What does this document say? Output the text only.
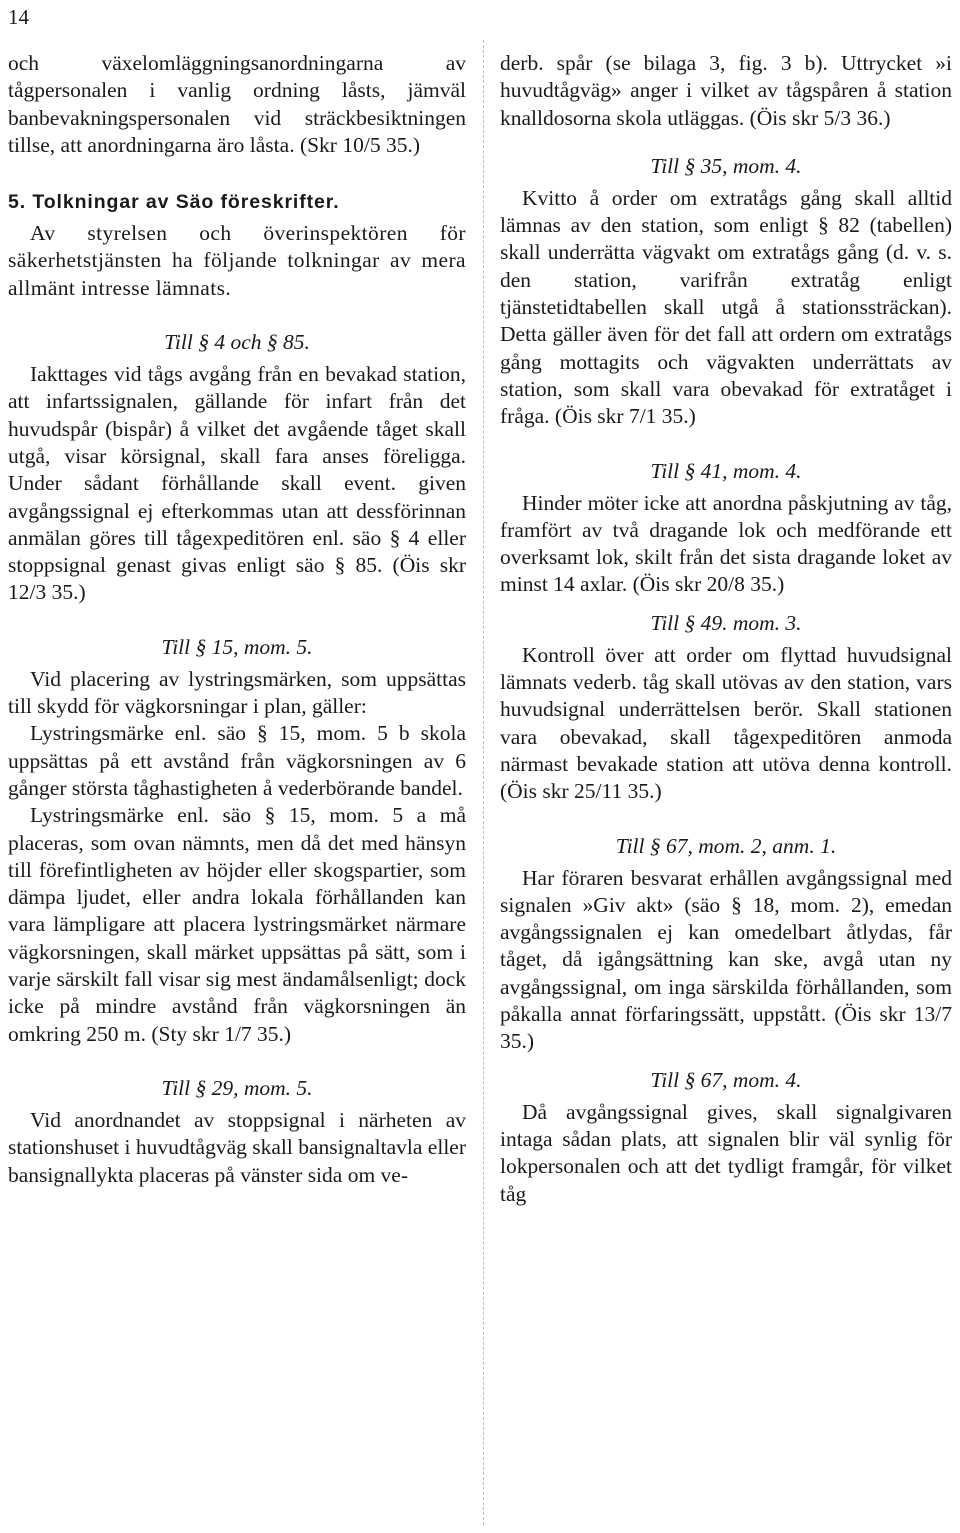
14

och växelomläggningsanordningarna av tågpersonalen i vanlig ordning låsts, jämväl banbevakningspersonalen vid sträckbesiktningen tillse, att anordningarna äro låsta. (Skr 10/5 35.)

5. Tolkningar av Säo föreskrifter.

Av styrelsen och överinspektören för säkerhetstjänsten ha följande tolkningar av mera allmänt intresse lämnats.

Till § 4 och § 85.

Iakttages vid tågs avgång från en bevakad station, att infartssignalen, gällande för infart från det huvudspår (bispår) å vilket det avgående tåget skall utgå, visar körsignal, skall fara anses föreligga. Under sådant förhållande skall event. given avgångssignal ej efterkommas utan att dessförinnan anmälan göres till tågexpeditören enl. säo § 4 eller stoppsignal genast givas enligt säo § 85. (Öis skr 12/3 35.)

Till § 15, mom. 5.

Vid placering av lystringsmärken, som uppsättas till skydd för vägkorsningar i plan, gäller:

Lystringsmärke enl. säo § 15, mom. 5 b skola uppsättas på ett avstånd från vägkorsningen av 6 gånger största tåghastigheten å vederbörande bandel.

Lystringsmärke enl. säo § 15, mom. 5 a må placeras, som ovan nämnts, men då det med hänsyn till förefintligheten av höjder eller skogspartier, som dämpa ljudet, eller andra lokala förhållanden kan vara lämpligare att placera lystringsmärket närmare vägkorsningen, skall märket uppsättas på sätt, som i varje särskilt fall visar sig mest ändamålsenligt; dock icke på mindre avstånd från vägkorsningen än omkring 250 m. (Sty skr 1/7 35.)

Till § 29, mom. 5.

Vid anordnandet av stoppsignal i närheten av stationshuset i huvudtågväg skall bansignaltavla eller bansignallykta placeras på vänster sida om ve-

derb. spår (se bilaga 3, fig. 3 b). Uttrycket »i huvudtågväg» anger i vilket av tågspåren å station knalldosorna skola utläggas. (Öis skr 5/3 36.)

Till § 35, mom. 4.

Kvitto å order om extratågs gång skall alltid lämnas av den station, som enligt § 82 (tabellen) skall underrätta vägvakt om extratågs gång (d. v. s. den station, varifrån extratåg enligt tjänstetidtabellen skall utgå å stationssträckan). Detta gäller även för det fall att ordern om extratågs gång mottagits och vägvakten underrättats av station, som skall vara obevakad för extratåget i fråga. (Öis skr 7/1 35.)

Till § 41, mom. 4.

Hinder möter icke att anordna påskjutning av tåg, framfört av två dragande lok och medförande ett overksamt lok, skilt från det sista dragande loket av minst 14 axlar. (Öis skr 20/8 35.)

Till § 49. mom. 3.

Kontroll över att order om flyttad huvudsignal lämnats vederb. tåg skall utövas av den station, vars huvudsignal underrättelsen berör. Skall stationen vara obevakad, skall tågexpeditören anmoda närmast bevakade station att utöva denna kontroll. (Öis skr 25/11 35.)

Till § 67, mom. 2, anm. 1.

Har föraren besvarat erhållen avgångssignal med signalen »Giv akt» (säo § 18, mom. 2), emedan avgångssignalen ej kan omedelbart åtlydas, får tåget, då igångsättning kan ske, avgå utan ny avgångssignal, om inga särskilda förhållanden, som påkalla annat förfaringssätt, uppstått. (Öis skr 13/7 35.)

Till § 67, mom. 4.

Då avgångssignal gives, skall signalgivaren intaga sådan plats, att signalen blir väl synlig för lokpersonalen och att det tydligt framgår, för vilket tåg
